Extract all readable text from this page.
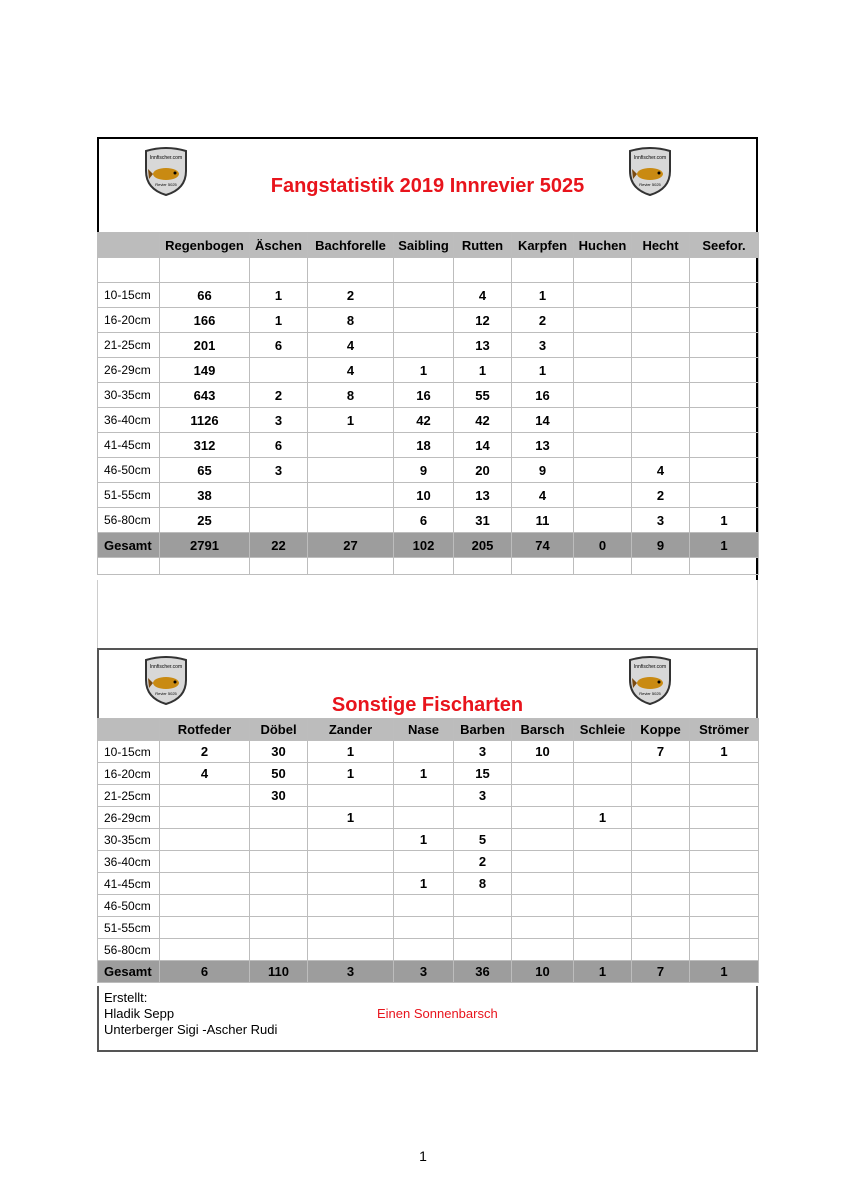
Innfischer.com
Revier 5025
Innfischer.com
Revier 5025
Fangstatistik 2019 Innrevier 5025
	Regenbogen	Äschen	Bachforelle	Saibling	Rutten	Karpfen	Huchen	Hecht	Seefor.

10-15cm	66	1	2		4	1			
16-20cm	166	1	8		12	2			
21-25cm	201	6	4		13	3			
26-29cm	149		4	1	1	1			
30-35cm	643	2	8	16	55	16			
36-40cm	1126	3	1	42	42	14			
41-45cm	312	6		18	14	13			
46-50cm	65	3		9	20	9		4	
51-55cm	38			10	13	4		2	
56-80cm	25			6	31	11		3	1
Gesamt	2791	22	27	102	205	74	0	9	1

Innfischer.com
Revier 5025
Innfischer.com
Revier 5025
Sonstige Fischarten
	Rotfeder	Döbel	Zander	Nase	Barben	Barsch	Schleie	Koppe	Strömer
10-15cm	2	30	1		3	10		7	1
16-20cm	4	50	1	1	15				
21-25cm		30			3				
26-29cm			1				1		
30-35cm				1	5				
36-40cm					2				
41-45cm				1	8				
46-50cm									
51-55cm									
56-80cm									
Gesamt	6	110	3	3	36	10	1	7	1
Erstellt:
Hladik Sepp
Unterberger Sigi -Ascher Rudi
Einen Sonnenbarsch
1
